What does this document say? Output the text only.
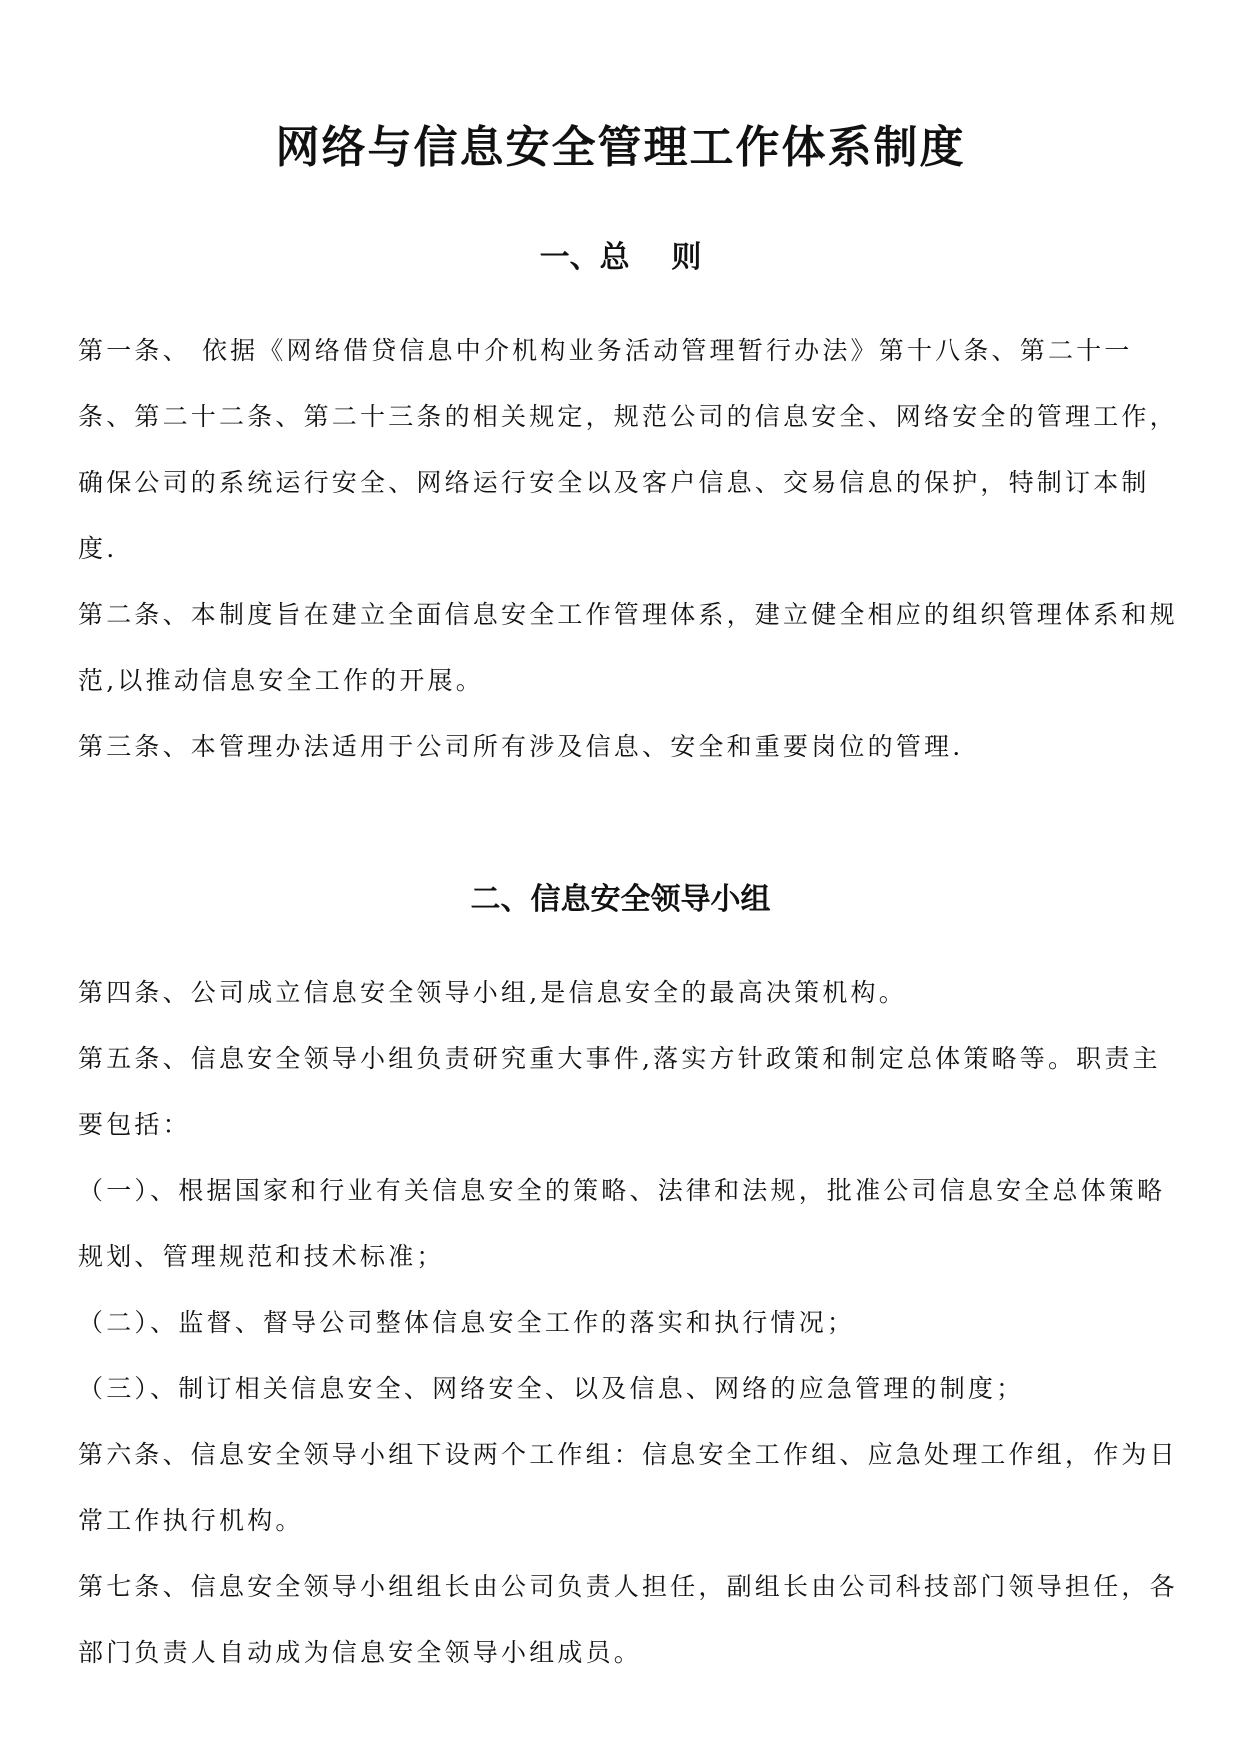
网络与信息安全管理工作体系制度
一、总    则

第一条、 依据《网络借贷信息中介机构业务活动管理暂行办法》第十八条、第二十一条、第二十二条、第二十三条的相关规定，规范公司的信息安全、网络安全的管理工作，确保公司的系统运行安全、网络运行安全以及客户信息、交易信息的保护，特制订本制度.

第二条、本制度旨在建立全面信息安全工作管理体系，建立健全相应的组织管理体系和规范,以推动信息安全工作的开展。

第三条、本管理办法适用于公司所有涉及信息、安全和重要岗位的管理.

二、信息安全领导小组

第四条、公司成立信息安全领导小组,是信息安全的最高决策机构。

第五条、信息安全领导小组负责研究重大事件,落实方针政策和制定总体策略等。职责主要包括：

（一）、根据国家和行业有关信息安全的策略、法律和法规，批准公司信息安全总体策略规划、管理规范和技术标准；

（二）、监督、督导公司整体信息安全工作的落实和执行情况；

（三）、制订相关信息安全、网络安全、以及信息、网络的应急管理的制度；

第六条、信息安全领导小组下设两个工作组：信息安全工作组、应急处理工作组，作为日常工作执行机构。

第七条、信息安全领导小组组长由公司负责人担任，副组长由公司科技部门领导担任，各部门负责人自动成为信息安全领导小组成员。
